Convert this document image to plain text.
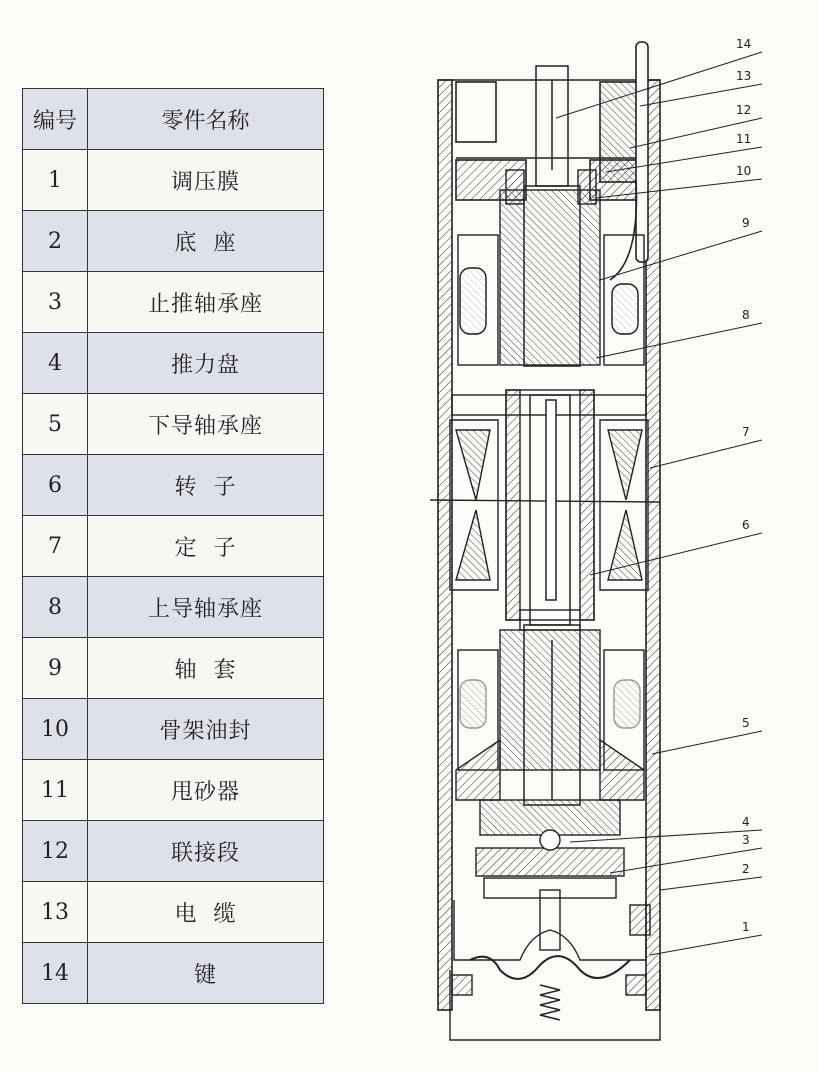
编号	零件名称
1	调压膜
2	底  座
3	止推轴承座
4	推力盘
5	下导轴承座
6	转  子
7	定  子
8	上导轴承座
9	轴  套
10	骨架油封
11	甩砂器
12	联接段
13	电  缆
14	键
14
13
12
11
10
9
8
7
6
5
4
3
2
1
